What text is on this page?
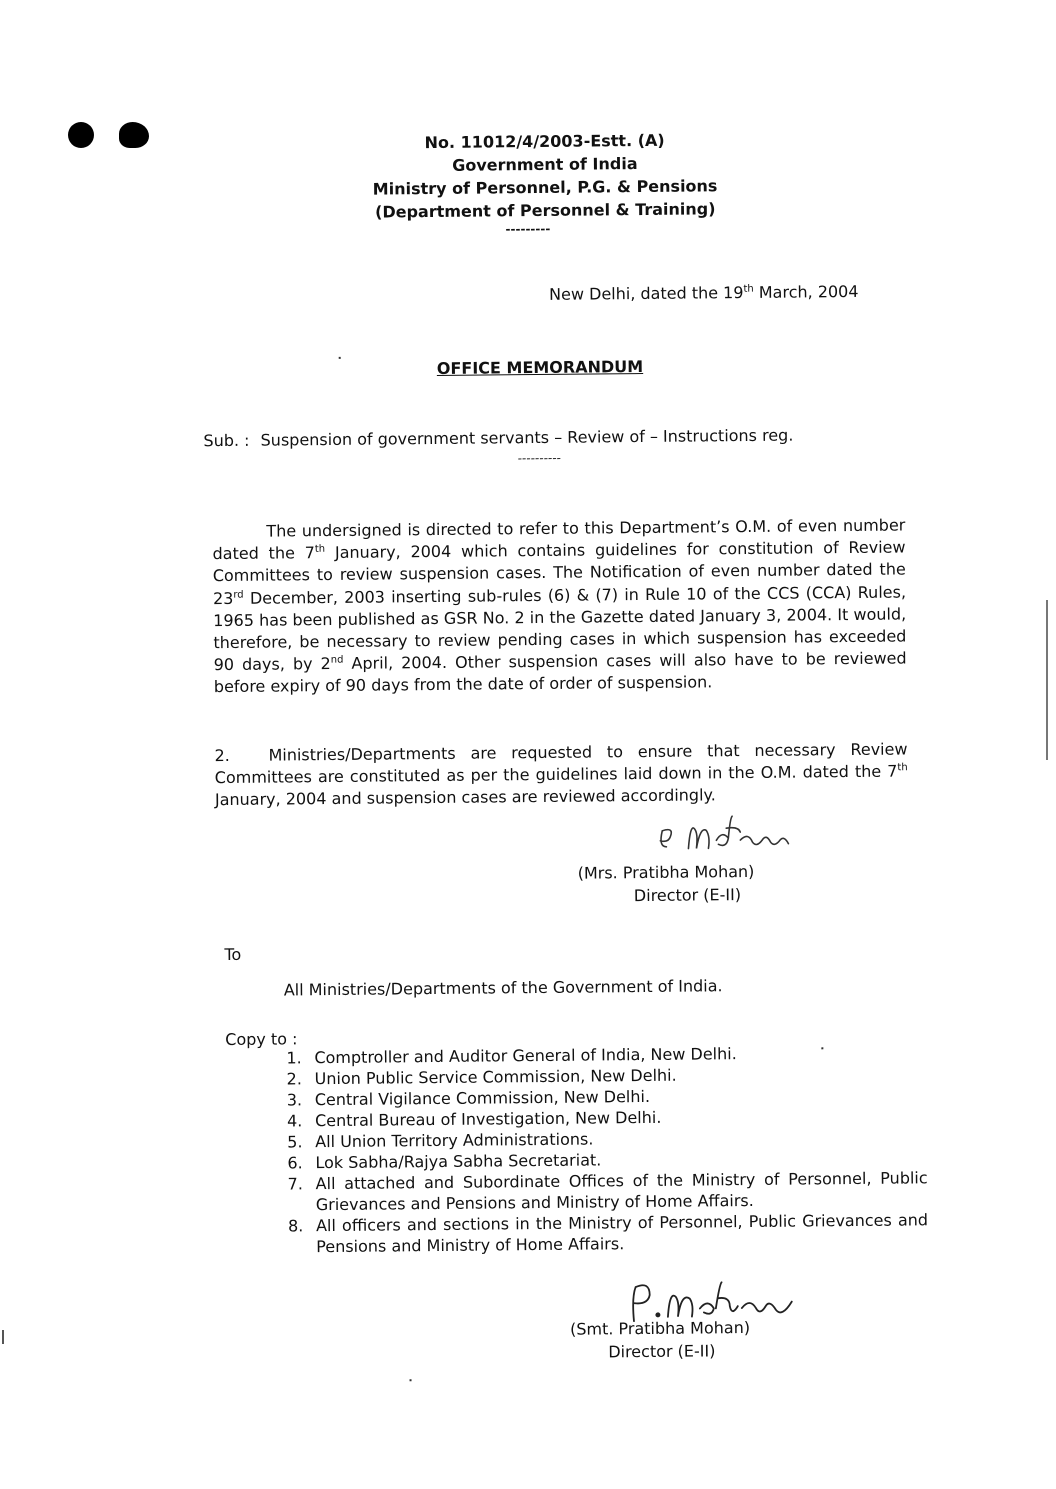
No. 11012/4/2003-Estt. (A)
Government of India
Ministry of Personnel, P.G. & Pensions
(Department of Personnel & Training)
---------
New Delhi, dated the 19th March, 2004
OFFICE MEMORANDUM
Sub. : Suspension of government servants – Review of – Instructions reg.
----------
The undersigned is directed to refer to this Department’s O.M. of even number dated the 7th January, 2004 which contains guidelines for constitution of Review Committees to review suspension cases. The Notification of even number dated the 23rd December, 2003 inserting sub-rules (6) & (7) in Rule 10 of the CCS (CCA) Rules, 1965 has been published as GSR No. 2 in the Gazette dated January 3, 2004. It would, therefore, be necessary to review pending cases in which suspension has exceeded 90 days, by 2nd April, 2004. Other suspension cases will also have to be reviewed before expiry of 90 days from the date of order of suspension.
2. Ministries/Departments are requested to ensure that necessary Review Committees are constituted as per the guidelines laid down in the O.M. dated the 7th January, 2004 and suspension cases are reviewed accordingly.
(Mrs. Pratibha Mohan)
Director (E-II)
To
All Ministries/Departments of the Government of India.
Copy to :
1. Comptroller and Auditor General of India, New Delhi.
2. Union Public Service Commission, New Delhi.
3. Central Vigilance Commission, New Delhi.
4. Central Bureau of Investigation, New Delhi.
5. All Union Territory Administrations.
6. Lok Sabha/Rajya Sabha Secretariat.
7. All attached and Subordinate Offices of the Ministry of Personnel, Public Grievances and Pensions and Ministry of Home Affairs.
8. All officers and sections in the Ministry of Personnel, Public Grievances and Pensions and Ministry of Home Affairs.
(Smt. Pratibha Mohan)
Director (E-II)
